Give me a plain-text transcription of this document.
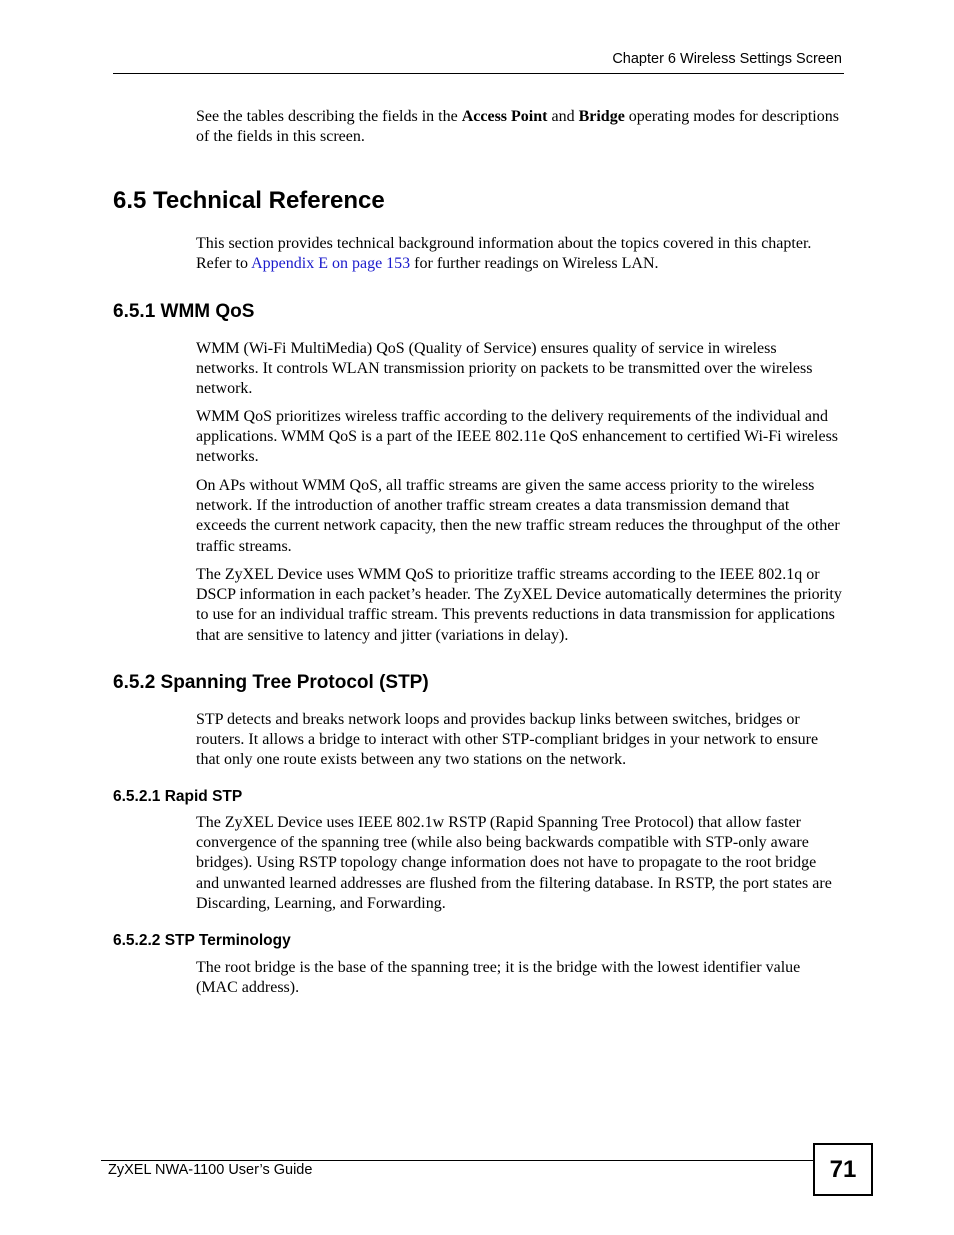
Chapter 6 Wireless Settings Screen

See the tables describing the fields in the Access Point and Bridge operating modes for descriptions of the fields in this screen.

6.5 Technical Reference

This section provides technical background information about the topics covered in this chapter. Refer to Appendix E on page 153 for further readings on Wireless LAN.

6.5.1 WMM QoS

WMM (Wi-Fi MultiMedia) QoS (Quality of Service) ensures quality of service in wireless networks. It controls WLAN transmission priority on packets to be transmitted over the wireless network.

WMM QoS prioritizes wireless traffic according to the delivery requirements of the individual and applications. WMM QoS is a part of the IEEE 802.11e QoS enhancement to certified Wi-Fi wireless networks.

On APs without WMM QoS, all traffic streams are given the same access priority to the wireless network. If the introduction of another traffic stream creates a data transmission demand that exceeds the current network capacity, then the new traffic stream reduces the throughput of the other traffic streams.

The ZyXEL Device uses WMM QoS to prioritize traffic streams according to the IEEE 802.1q or DSCP information in each packet’s header. The ZyXEL Device automatically determines the priority to use for an individual traffic stream. This prevents reductions in data transmission for applications that are sensitive to latency and jitter (variations in delay).

6.5.2 Spanning Tree Protocol (STP)

STP detects and breaks network loops and provides backup links between switches, bridges or routers. It allows a bridge to interact with other STP-compliant bridges in your network to ensure that only one route exists between any two stations on the network.

6.5.2.1 Rapid STP

The ZyXEL Device uses IEEE 802.1w RSTP (Rapid Spanning Tree Protocol) that allow faster convergence of the spanning tree (while also being backwards compatible with STP-only aware bridges). Using RSTP topology change information does not have to propagate to the root bridge and unwanted learned addresses are flushed from the filtering database. In RSTP, the port states are Discarding, Learning, and Forwarding.

6.5.2.2 STP Terminology

The root bridge is the base of the spanning tree; it is the bridge with the lowest identifier value (MAC address).

ZyXEL NWA-1100 User’s Guide	71
